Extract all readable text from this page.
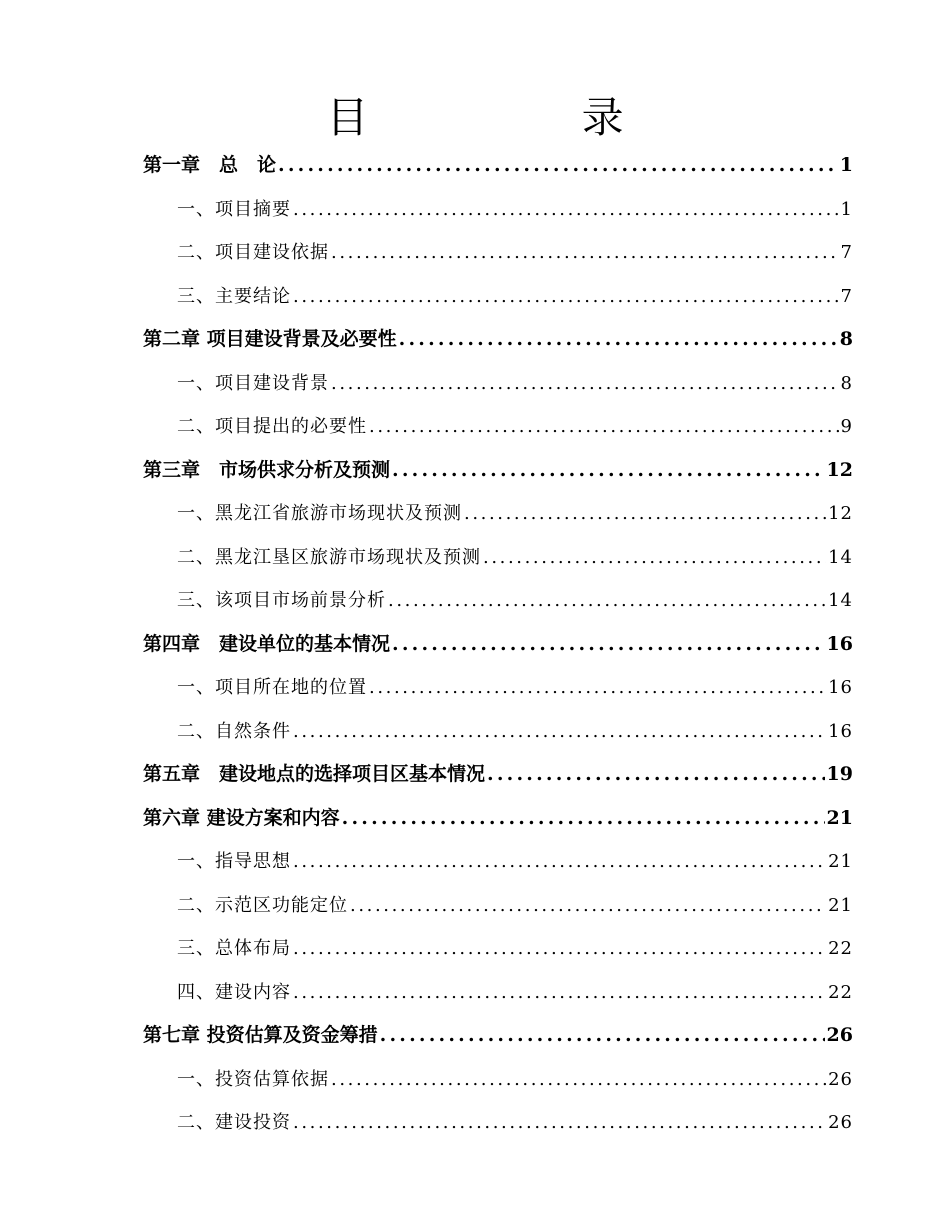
目 录
第一章　总　论 .....	1
一、项目摘要 .....	1
二、项目建设依据 .....	7
三、主要结论 .....	7
第二章 项目建设背景及必要性 .....	8
一、项目建设背景 .....	8
二、项目提出的必要性 .....	9
第三章　市场供求分析及预测 .....	12
一、黑龙江省旅游市场现状及预测 .....	12
二、黑龙江垦区旅游市场现状及预测 .....	14
三、该项目市场前景分析 .....	14
第四章　建设单位的基本情况 .....	16
一、项目所在地的位置 .....	16
二、自然条件 .....	16
第五章　建设地点的选择项目区基本情况 .....	19
第六章 建设方案和内容 .....	21
一、指导思想 .....	21
二、示范区功能定位 .....	21
三、总体布局 .....	22
四、建设内容 .....	22
第七章 投资估算及资金筹措 .....	26
一、投资估算依据 .....	26
二、建设投资 .....	26
